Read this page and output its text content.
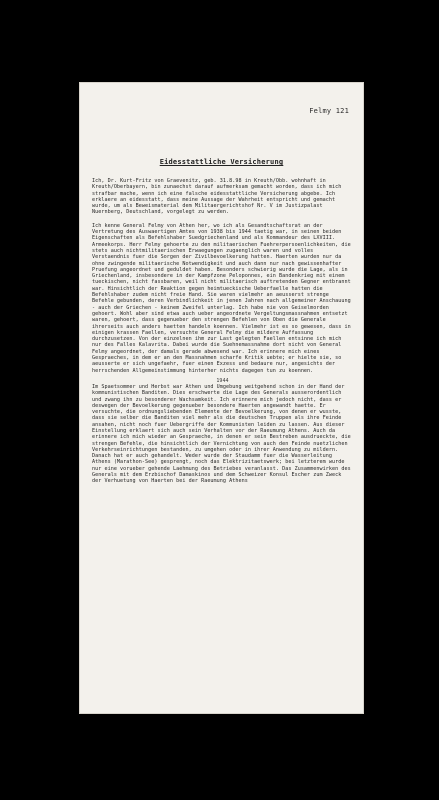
Felmy 121
Eidesstattliche Versicherung

Ich, Dr. Kurt-Fritz von Graevenitz, geb. 31.8.98 in Kreuth/Obb. wohnhaft in Kreuth/Oberbayern, bin zunaechst darauf aufmerksam gemacht worden, dass ich mich strafbar mache, wenn ich eine falsche eidesstattliche Versicherung abgebe. Ich erklaere an eidesstatt, dass meine Aussage der Wahrheit entspricht und gemacht wurde, um als Beweismaterial dem Militaergerichtshof Nr. V im Justizpalast Nuernberg, Deutschland, vorgelegt zu werden.

Ich kenne General Felmy von Athen her, wo ich als Gesandtschaftsrat an der Vertretung des Auswaertigen Amtes von 1938 bis 1944 taetig war, in seinen beiden Eigenschaften als Befehlshaber Suedgriechenland und als Kommandeur des LXVIII. Armeekorps. Herr Felmy gehoerte zu den militaerischen Fuehrerpersoenlichkeiten, die stets auch nichtmilitaerischen Erwaegungen zugaenglich waren und volles Verstaendnis fuer die Sorgen der Zivilbevoelkerung hatten. Haerten wurden nur da ohne zwingende militaerische Notwendigkeit und auch dann nur nach gewissenhafter Pruefung angeordnet und geduldet haben. Besonders schwierig wurde die Lage, als in Griechenland, insbesondere in der Kampfzone Peloponnes, ein Bandenkrieg mit einem tueckischen, nicht fassbaren, weil nicht militaerisch auftretenden Gegner entbrannt war. Hinsichtlich der Reaktion gegen heimtueckische Ueberfaelle hatten die Befehlshaber zudem nicht freie Hand. Sie waren vielmehr an aeusserst strenge Befehle gebunden, deren Verbindlichkeit in jenen Jahren nach allgemeiner Anschauung - auch der Griechen - keinem Zweifel unterlag. Ich habe nie von Geiselmorden gehoert. Wohl aber sind etwa auch ueber angeordnete Vergeltungsmassnahmen entsetzt waren, gehoert, dass gegenueber den strengen Befehlen von Oben die Generale ihrerseits auch anders haetten handeln koennen. Vielmehr ist es so gewesen, dass in einigen krassen Faellen, versuchte General Felmy die mildere Auffassung durchzusetzen. Von der einzelnen ihm zur Last gelegten Faellen entsinne ich mich nur des Falles Kalavrita. Dabei wurde die Suehnemassnahme dort nicht von General Felmy angeordnet, der damals gerade abwesend war. Ich erinnere mich eines Gespraeches, in dem er an den Massnahmen scharfe Kritik uebte; er hielte sie, so aeusserte er sich ungefaehr, fuer einen Exzess und bedaure nur, angesichts der herrschenden Allgemeinstimmung hinterher nichts dagegen tun zu koennen.

1944

Im Spaetsommer und Herbst war Athen und Umgebung weitgehend schon in der Hand der kommunistischen Banditen. Dies erschwerte die Lage des Generals ausserordentlich und zwang ihn zu besonderer Wachsamkeit. Ich erinnere mich jedoch nicht, dass er deswegen der Bevoelkerung gegenueber besondere Haerten angewandt haette. Er versuchte, die ordnungsliebenden Elemente der Bevoelkerung, von denen er wusste, dass sie selber die Banditen viel mehr als die deutschen Truppen als ihre Feinde ansahen, nicht noch fuer Uebergriffe der Kommunisten leiden zu lassen. Aus dieser Einstellung erklaert sich auch sein Verhalten vor der Raeumung Athens. Auch da erinnere ich mich wieder an Gespraeche, in denen er sein Bestreben ausdrueckte, die strengen Befehle, die hinsichtlich der Vernichtung von auch den Feinde nuetzlichen Verkehrseinrichtungen bestanden, zu umgehen oder in ihrer Anwendung zu mildern. Danach hat er auch gehandelt. Weder wurde der Staudamm fuer die Wasserleitung Athens (Marathon-See) gesprengt, noch das Elektrizitaetswerk; bei letzterem wurde nur eine vorueber gehende Laehmung des Betriebes veranlasst. Das Zusammenwirken des Generals mit dem Erzbischof Damaskinos und dem Schweizer Konsul Escher zum Zweck der Verhuetung von Haerten bei der Raeumung Athens
